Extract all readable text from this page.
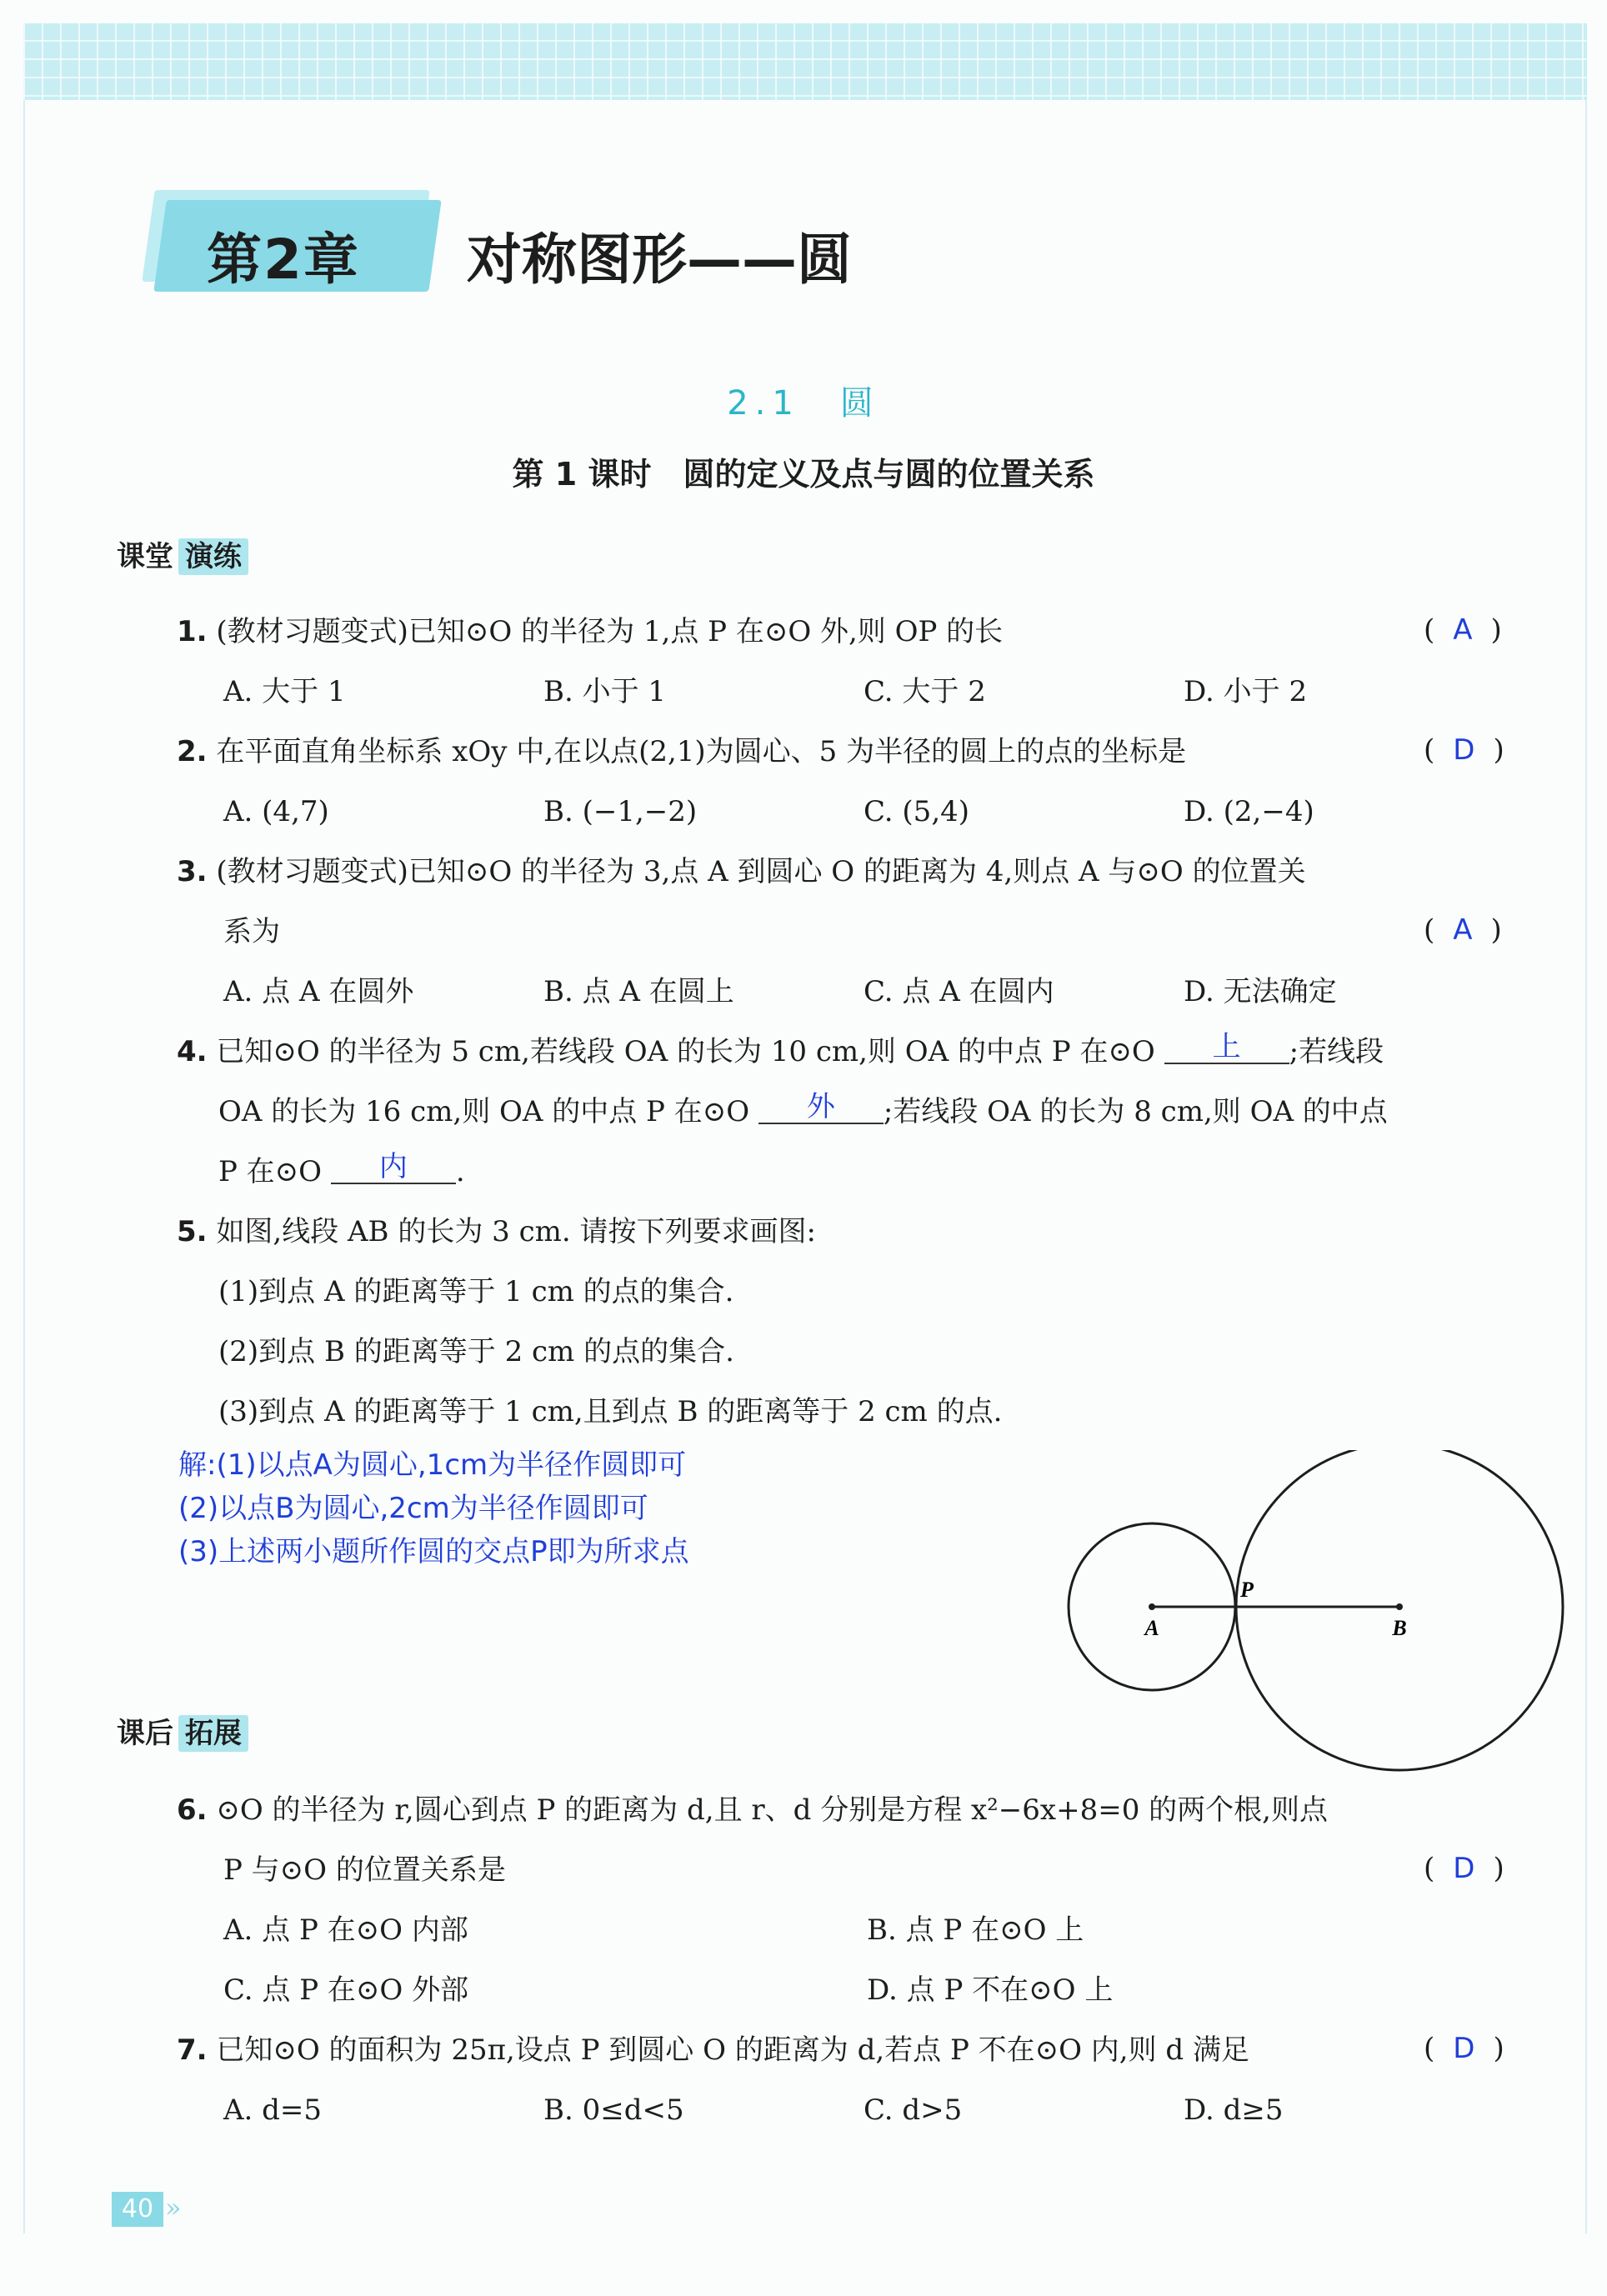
第2章 对称图形——圆
2.1　圆
第 1 课时　圆的定义及点与圆的位置关系
课堂 演练
1. (教材习题变式)已知⊙O 的半径为 1,点 P 在⊙O 外,则 OP 的长	( A )
A. 大于 1	B. 小于 1	C. 大于 2	D. 小于 2
2. 在平面直角坐标系 xOy 中,在以点(2,1)为圆心、5 为半径的圆上的点的坐标是	( D )
A. (4,7)	B. (−1,−2)	C. (5,4)	D. (2,−4)
3. (教材习题变式)已知⊙O 的半径为 3,点 A 到圆心 O 的距离为 4,则点 A 与⊙O 的位置关
系为	( A )
A. 点 A 在圆外	B. 点 A 在圆上	C. 点 A 在圆内	D. 无法确定
4. 已知⊙O 的半径为 5 cm,若线段 OA 的长为 10 cm,则 OA 的中点 P 在⊙O 上 ;若线段
OA 的长为 16 cm,则 OA 的中点 P 在⊙O 外 ;若线段 OA 的长为 8 cm,则 OA 的中点
P 在⊙O 内 .
5. 如图,线段 AB 的长为 3 cm. 请按下列要求画图:
(1)到点 A 的距离等于 1 cm 的点的集合.
(2)到点 B 的距离等于 2 cm 的点的集合.
(3)到点 A 的距离等于 1 cm,且到点 B 的距离等于 2 cm 的点.
解:(1)以点A为圆心,1cm为半径作圆即可
(2)以点B为圆心,2cm为半径作圆即可
(3)上述两小题所作圆的交点P即为所求点
A	B
P
课后 拓展
6. ⊙O 的半径为 r,圆心到点 P 的距离为 d,且 r、d 分别是方程 x²−6x+8=0 的两个根,则点
P 与⊙O 的位置关系是	( D )
A. 点 P 在⊙O 内部	B. 点 P 在⊙O 上
C. 点 P 在⊙O 外部	D. 点 P 不在⊙O 上
7. 已知⊙O 的面积为 25π,设点 P 到圆心 O 的距离为 d,若点 P 不在⊙O 内,则 d 满足	( D )
A. d=5	B. 0≤d<5	C. d>5	D. d≥5
40 »
